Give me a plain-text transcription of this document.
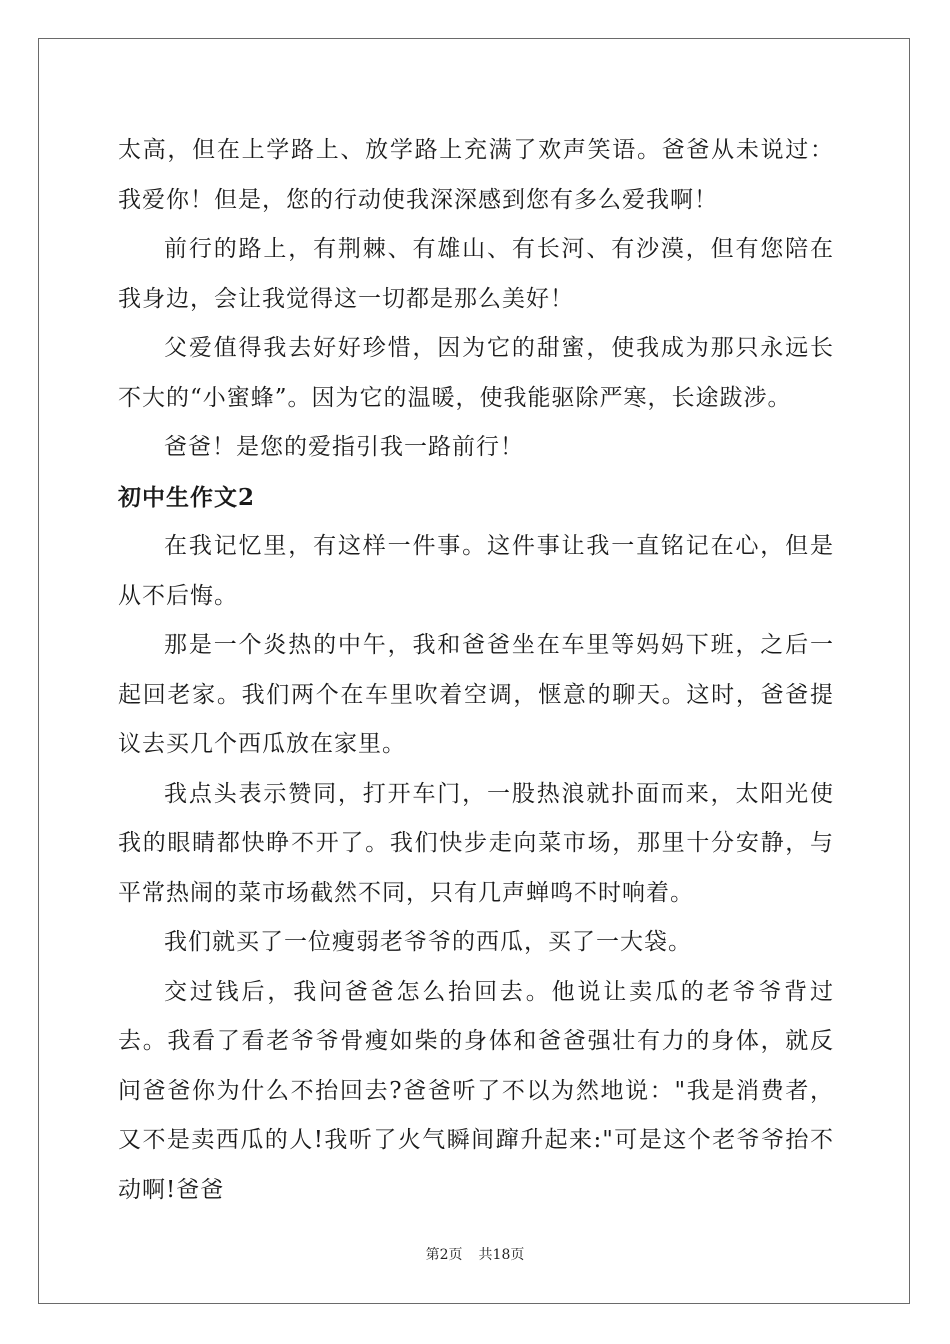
太高，但在上学路上、放学路上充满了欢声笑语。爸爸从未说过：我爱你！但是，您的行动使我深深感到您有多么爱我啊！

前行的路上，有荆棘、有雄山、有长河、有沙漠，但有您陪在我身边，会让我觉得这一切都是那么美好！

父爱值得我去好好珍惜，因为它的甜蜜，使我成为那只永远长不大的“小蜜蜂”。因为它的温暖，使我能驱除严寒，长途跋涉。

爸爸！是您的爱指引我一路前行！

初中生作文2

在我记忆里，有这样一件事。这件事让我一直铭记在心，但是从不后悔。

那是一个炎热的中午，我和爸爸坐在车里等妈妈下班，之后一起回老家。我们两个在车里吹着空调，惬意的聊天。这时，爸爸提议去买几个西瓜放在家里。

我点头表示赞同，打开车门，一股热浪就扑面而来，太阳光使我的眼睛都快睁不开了。我们快步走向菜市场，那里十分安静，与平常热闹的菜市场截然不同，只有几声蝉鸣不时响着。

我们就买了一位瘦弱老爷爷的西瓜，买了一大袋。

交过钱后，我问爸爸怎么抬回去。他说让卖瓜的老爷爷背过去。我看了看老爷爷骨瘦如柴的身体和爸爸强壮有力的身体，就反问爸爸你为什么不抬回去?爸爸听了不以为然地说："我是消费者，又不是卖西瓜的人!我听了火气瞬间蹿升起来:"可是这个老爷爷抬不动啊!爸爸

第2页 共18页
